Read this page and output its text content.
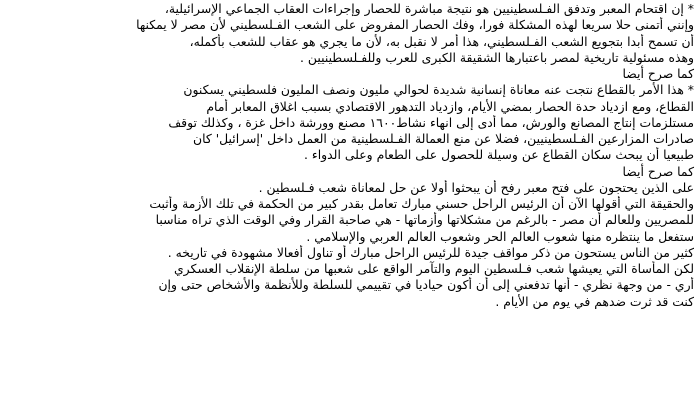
* إن اقتحام المعبر وتدفق الفـلسطينيين هو نتيجة مباشرة للحصار وإجراءات العقاب الجماعي الإسرائيلية،
وإنني أتمنى حلا سريعا لهذه المشكلة فورا، وفك الحصار المفروض على الشعب الفـلسطيني لأن مصر لا يمكنها
أن تسمح أبدا بتجويع الشعب الفـلسطيني، هذا أمر لا نقبل به، لأن ما يجري هو عقاب للشعب بأكمله،
وهذه مسئولية تاريخية لمصر باعتبارها الشقيقة الكبرى للعرب وللفـلسطينيين .
كما صرح أيضا
* هذا الأمر بالقطاع نتجت عنه معاناة إنسانية شديدة لحوالي مليون ونصف المليون فلسطيني يسكنون
القطاع، ومع ازدياد حدة الحصار بمضي الأيام، وازدياد التدهور الاقتصادي بسبب اغلاق المعابر أمام
مستلزمات إنتاج المصانع والورش، مما أدى إلى انهاء نشاط١٦٠٠ مصنع وورشة داخل غزة ، وكذلك توقف
صادرات المزارعين الفـلسطينيين، فضلا عن منع العمالة الفـلسطينية من العمل داخل 'إسرائيل' كان
طبيعيا أن يبحث سكان القطاع عن وسيلة للحصول على الطعام وعلى الدواء .
كما صرح أيضا
على الذين يحتجون على فتح معبر رفح أن يبحثوا أولا عن حل لمعاناة شعب فـلسطين .
والحقيقة التي أقولها الآن أن الرئيس الراحل حسني مبارك تعامل بقدر كبير من الحكمة في تلك الأزمة وأثبت
للمصريين وللعالم أن مصر - بالرغم من مشكلاتها وأزماتها - هي صاحبة القرار وفي الوقت الذي تراه مناسبا
ستفعل ما ينتظره منها شعوب العالم الحر وشعوب العالم العربي والإسلامي .
كثير من الناس يستحون من ذكر مواقف جيدة للرئيس الراحل مبارك أو تناول أفعالا مشهودة في تاريخه .
لكن المأساة التي يعيشها شعب فـلسطين اليوم والتآمر الواقع على شعبها من سلطة الإنقلاب العسكري
أري - من وجهة نظري - أنها تدفعني إلى أن أكون حياديا في تقييمي للسلطة وللأنظمة والأشخاص حتى وإن
كنت قد ثرت ضدهم في يوم من الأيام .
